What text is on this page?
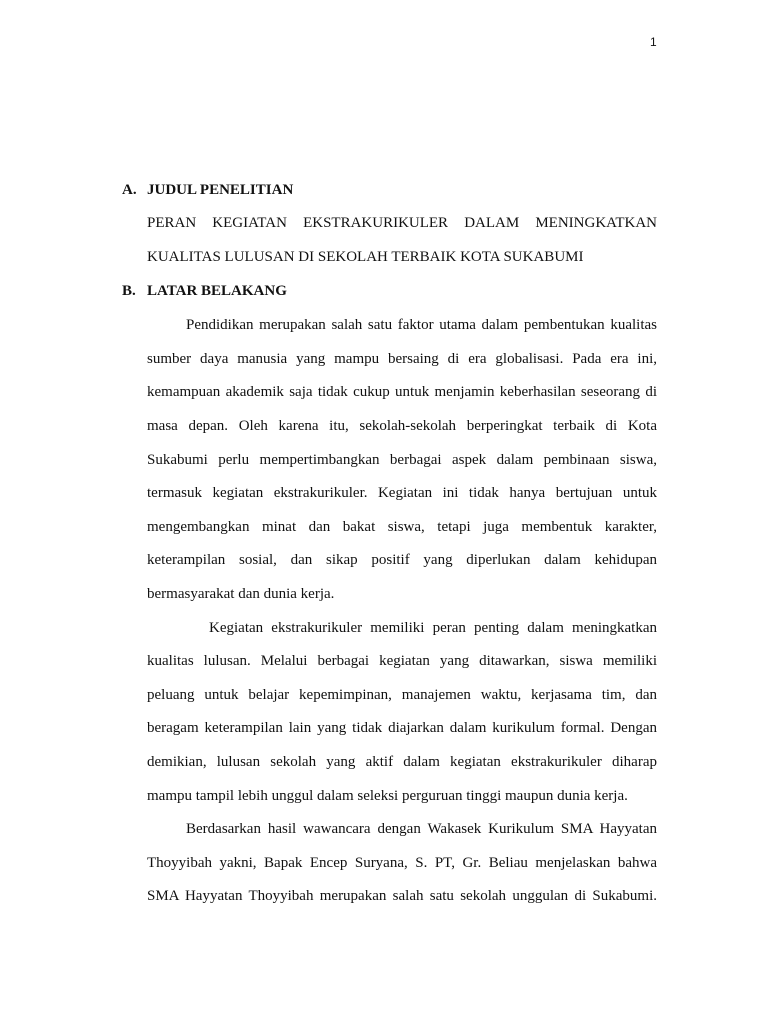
1
A. JUDUL PENELITIAN
PERAN KEGIATAN EKSTRAKURIKULER DALAM MENINGKATKAN
KUALITAS LULUSAN DI SEKOLAH TERBAIK KOTA SUKABUMI
B. LATAR BELAKANG
Pendidikan merupakan salah satu faktor utama dalam pembentukan kualitas
sumber daya manusia yang mampu bersaing di era globalisasi. Pada era ini,
kemampuan akademik saja tidak cukup untuk menjamin keberhasilan seseorang di
masa depan. Oleh karena itu, sekolah-sekolah berperingkat terbaik di Kota
Sukabumi perlu mempertimbangkan berbagai aspek dalam pembinaan siswa,
termasuk kegiatan ekstrakurikuler. Kegiatan ini tidak hanya bertujuan untuk
mengembangkan minat dan bakat siswa, tetapi juga membentuk karakter,
keterampilan sosial, dan sikap positif yang diperlukan dalam kehidupan
bermasyarakat dan dunia kerja.
Kegiatan ekstrakurikuler memiliki peran penting dalam meningkatkan
kualitas lulusan. Melalui berbagai kegiatan yang ditawarkan, siswa memiliki
peluang untuk belajar kepemimpinan, manajemen waktu, kerjasama tim, dan
beragam keterampilan lain yang tidak diajarkan dalam kurikulum formal. Dengan
demikian, lulusan sekolah yang aktif dalam kegiatan ekstrakurikuler diharap
mampu tampil lebih unggul dalam seleksi perguruan tinggi maupun dunia kerja.
Berdasarkan hasil wawancara dengan Wakasek Kurikulum SMA Hayyatan
Thoyyibah yakni, Bapak Encep Suryana, S. PT, Gr. Beliau menjelaskan bahwa
SMA Hayyatan Thoyyibah merupakan salah satu sekolah unggulan di Sukabumi.
